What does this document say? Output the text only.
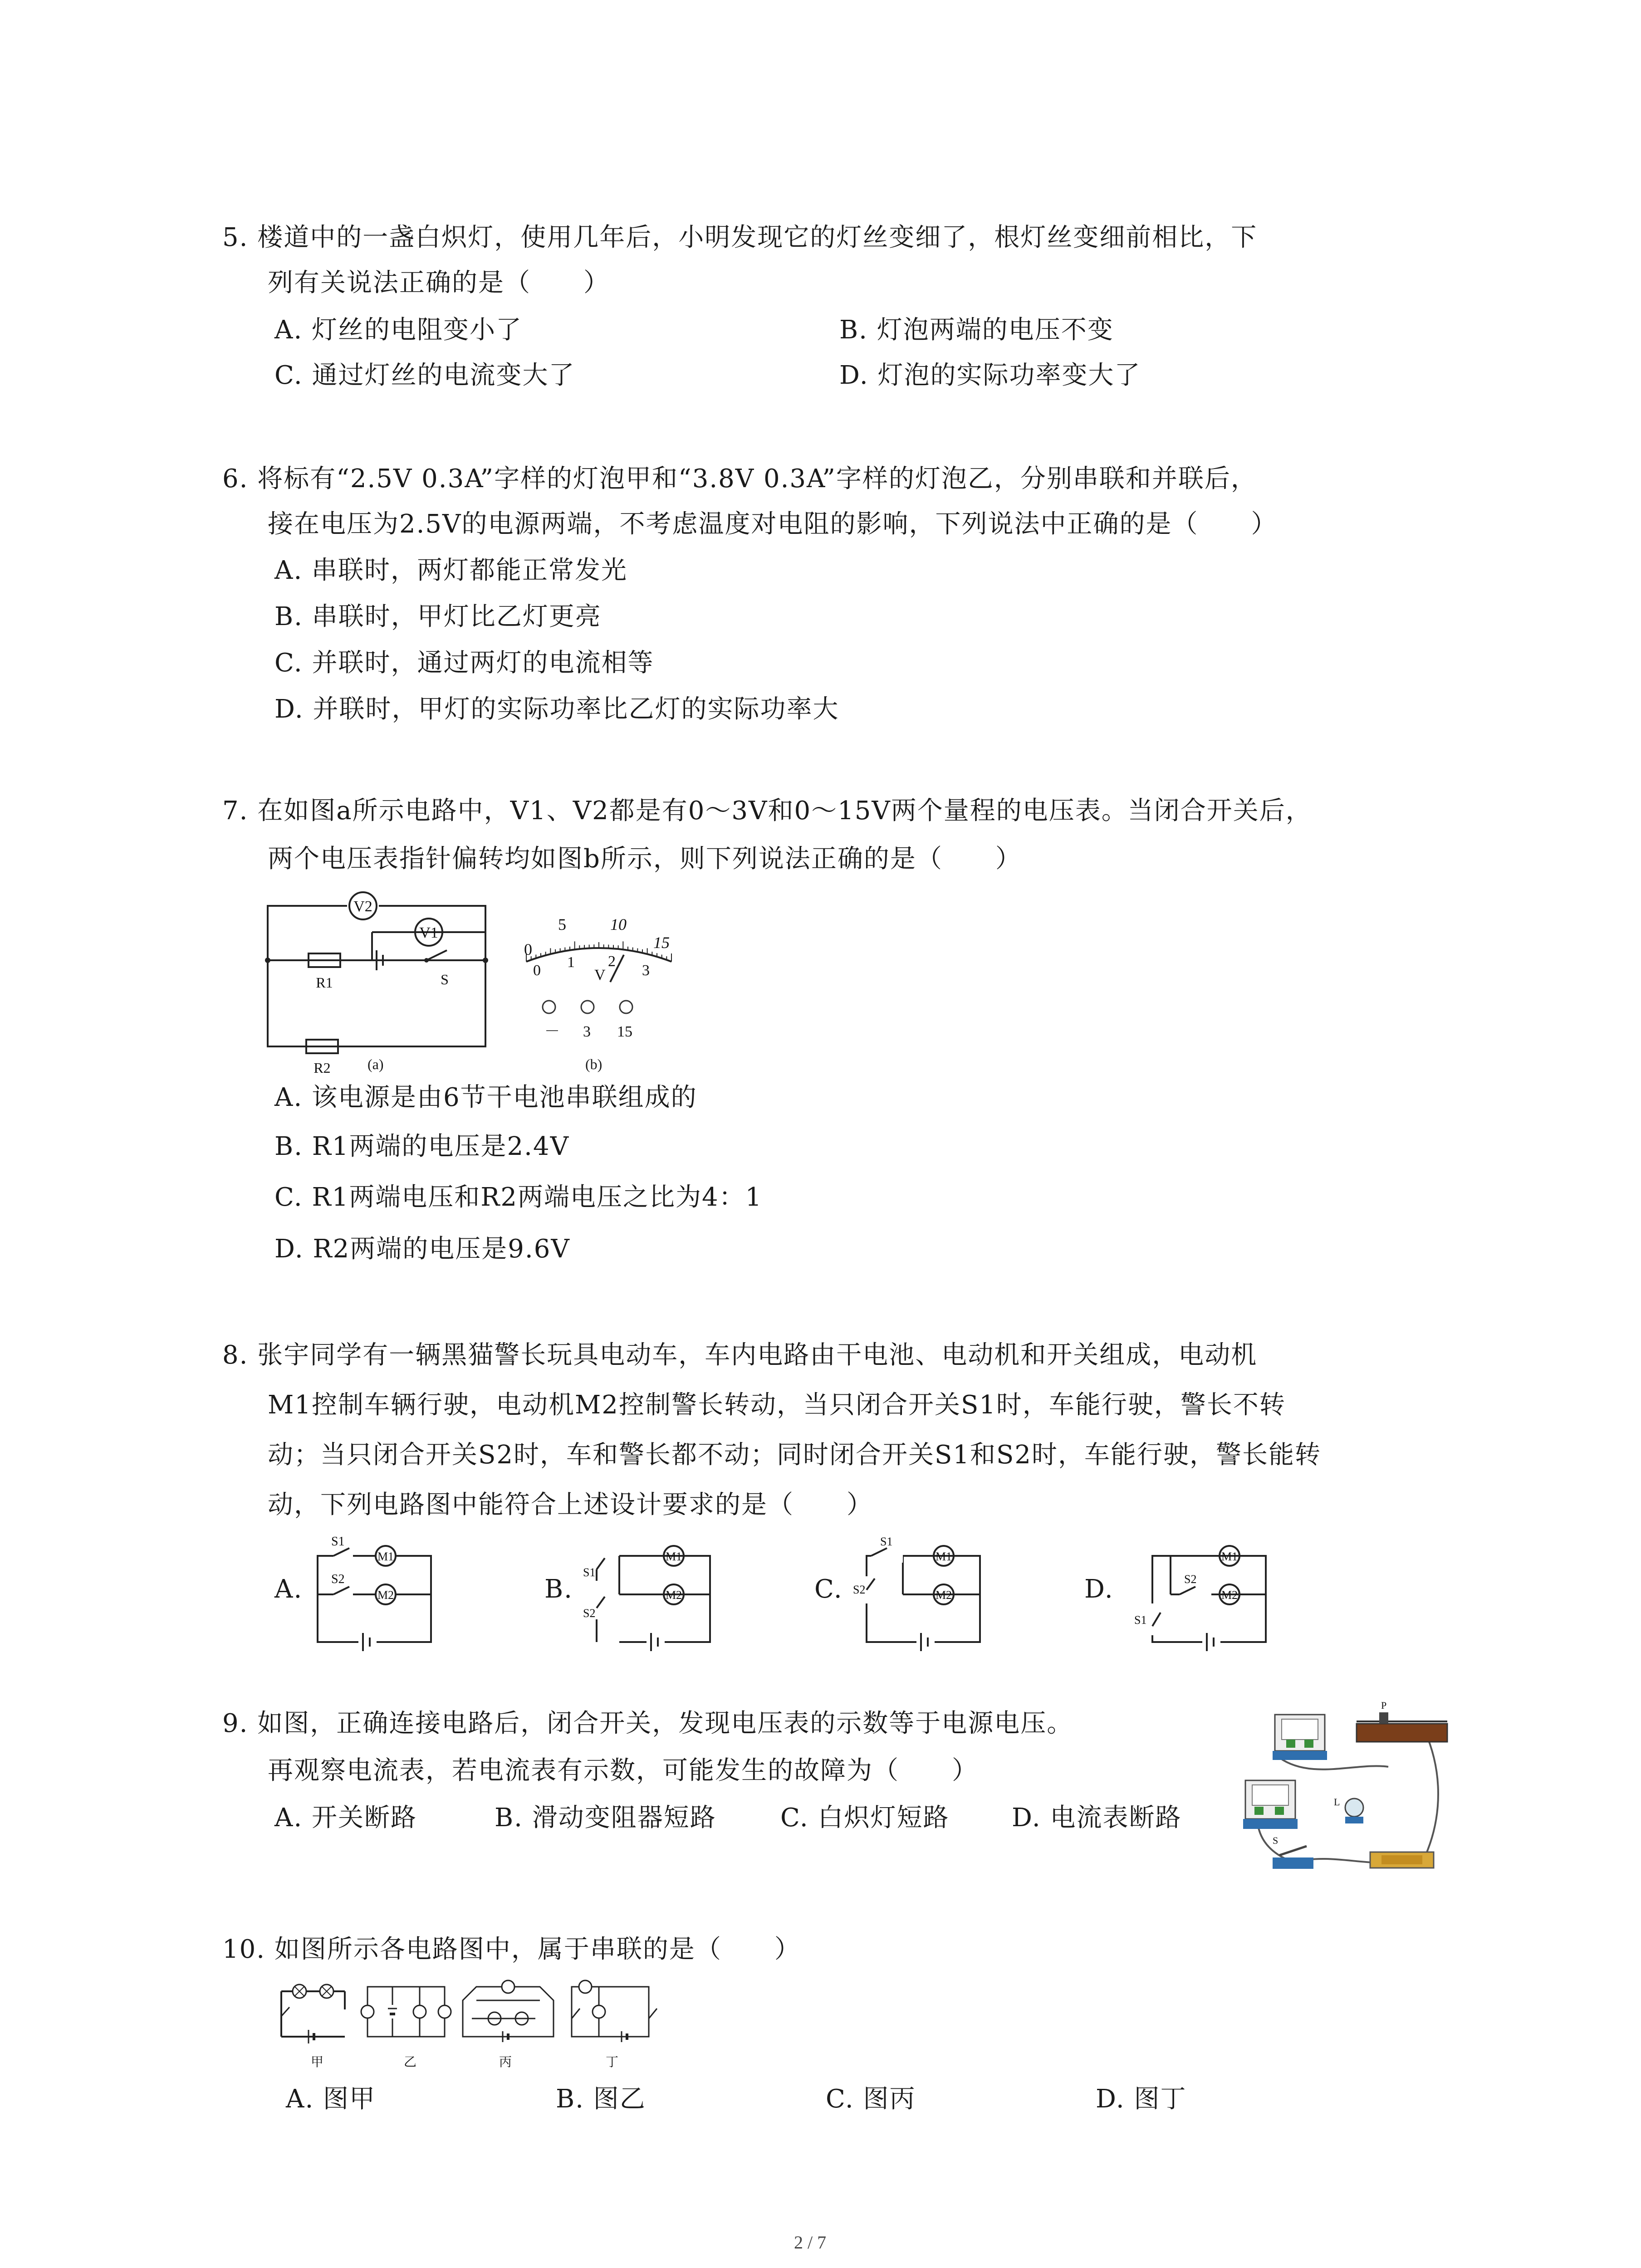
5. 楼道中的一盏白炽灯，使用几年后，小明发现它的灯丝变细了，根灯丝变细前相比，下
列有关说法正确的是（　　）
A. 灯丝的电阻变小了	B. 灯泡两端的电压不变
C. 通过灯丝的电流变大了	D. 灯泡的实际功率变大了
6. 将标有“2.5V 0.3A”字样的灯泡甲和“3.8V 0.3A”字样的灯泡乙，分别串联和并联后，
接在电压为2.5V的电源两端，不考虑温度对电阻的影响，下列说法中正确的是（　　）
A. 串联时，两灯都能正常发光
B. 串联时，甲灯比乙灯更亮
C. 并联时，通过两灯的电流相等
D. 并联时，甲灯的实际功率比乙灯的实际功率大
7. 在如图a所示电路中，V1、V2都是有0～3V和0～15V两个量程的电压表。当闭合开关后，
两个电压表指针偏转均如图b所示，则下列说法正确的是（　　）
V2
R1	S
V1
R2	(a)
0
5	10
15
0 1 2
3
V
－ 3 15
(b)
A. 该电源是由6节干电池串联组成的
B. R1两端的电压是2.4V
C. R1两端电压和R2两端电压之比为4：1
D. R2两端的电压是9.6V
8. 张宇同学有一辆黑猫警长玩具电动车，车内电路由干电池、电动机和开关组成，电动机
M1控制车辆行驶，电动机M2控制警长转动，当只闭合开关S1时，车能行驶，警长不转
动；当只闭合开关S2时，车和警长都不动；同时闭合开关S1和S2时，车能行驶，警长能转
动，下列电路图中能符合上述设计要求的是（　　）
A.	B.	C.	D.
S1
M1
S2
M2
S1
S2
M1
M2
S1
S2
M1
M2
S2
S1
M1
M2
9. 如图，正确连接电路后，闭合开关，发现电压表的示数等于电源电压。
再观察电流表，若电流表有示数，可能发生的故障为（　　）
A. 开关断路	B. 滑动变阻器短路	C. 白炽灯短路 D. 电流表断路
P
L
S
10. 如图所示各电路图中，属于串联的是（　　）
甲	乙	丙	丁
A. 图甲	B. 图乙	C. 图丙	D. 图丁
2 / 7
